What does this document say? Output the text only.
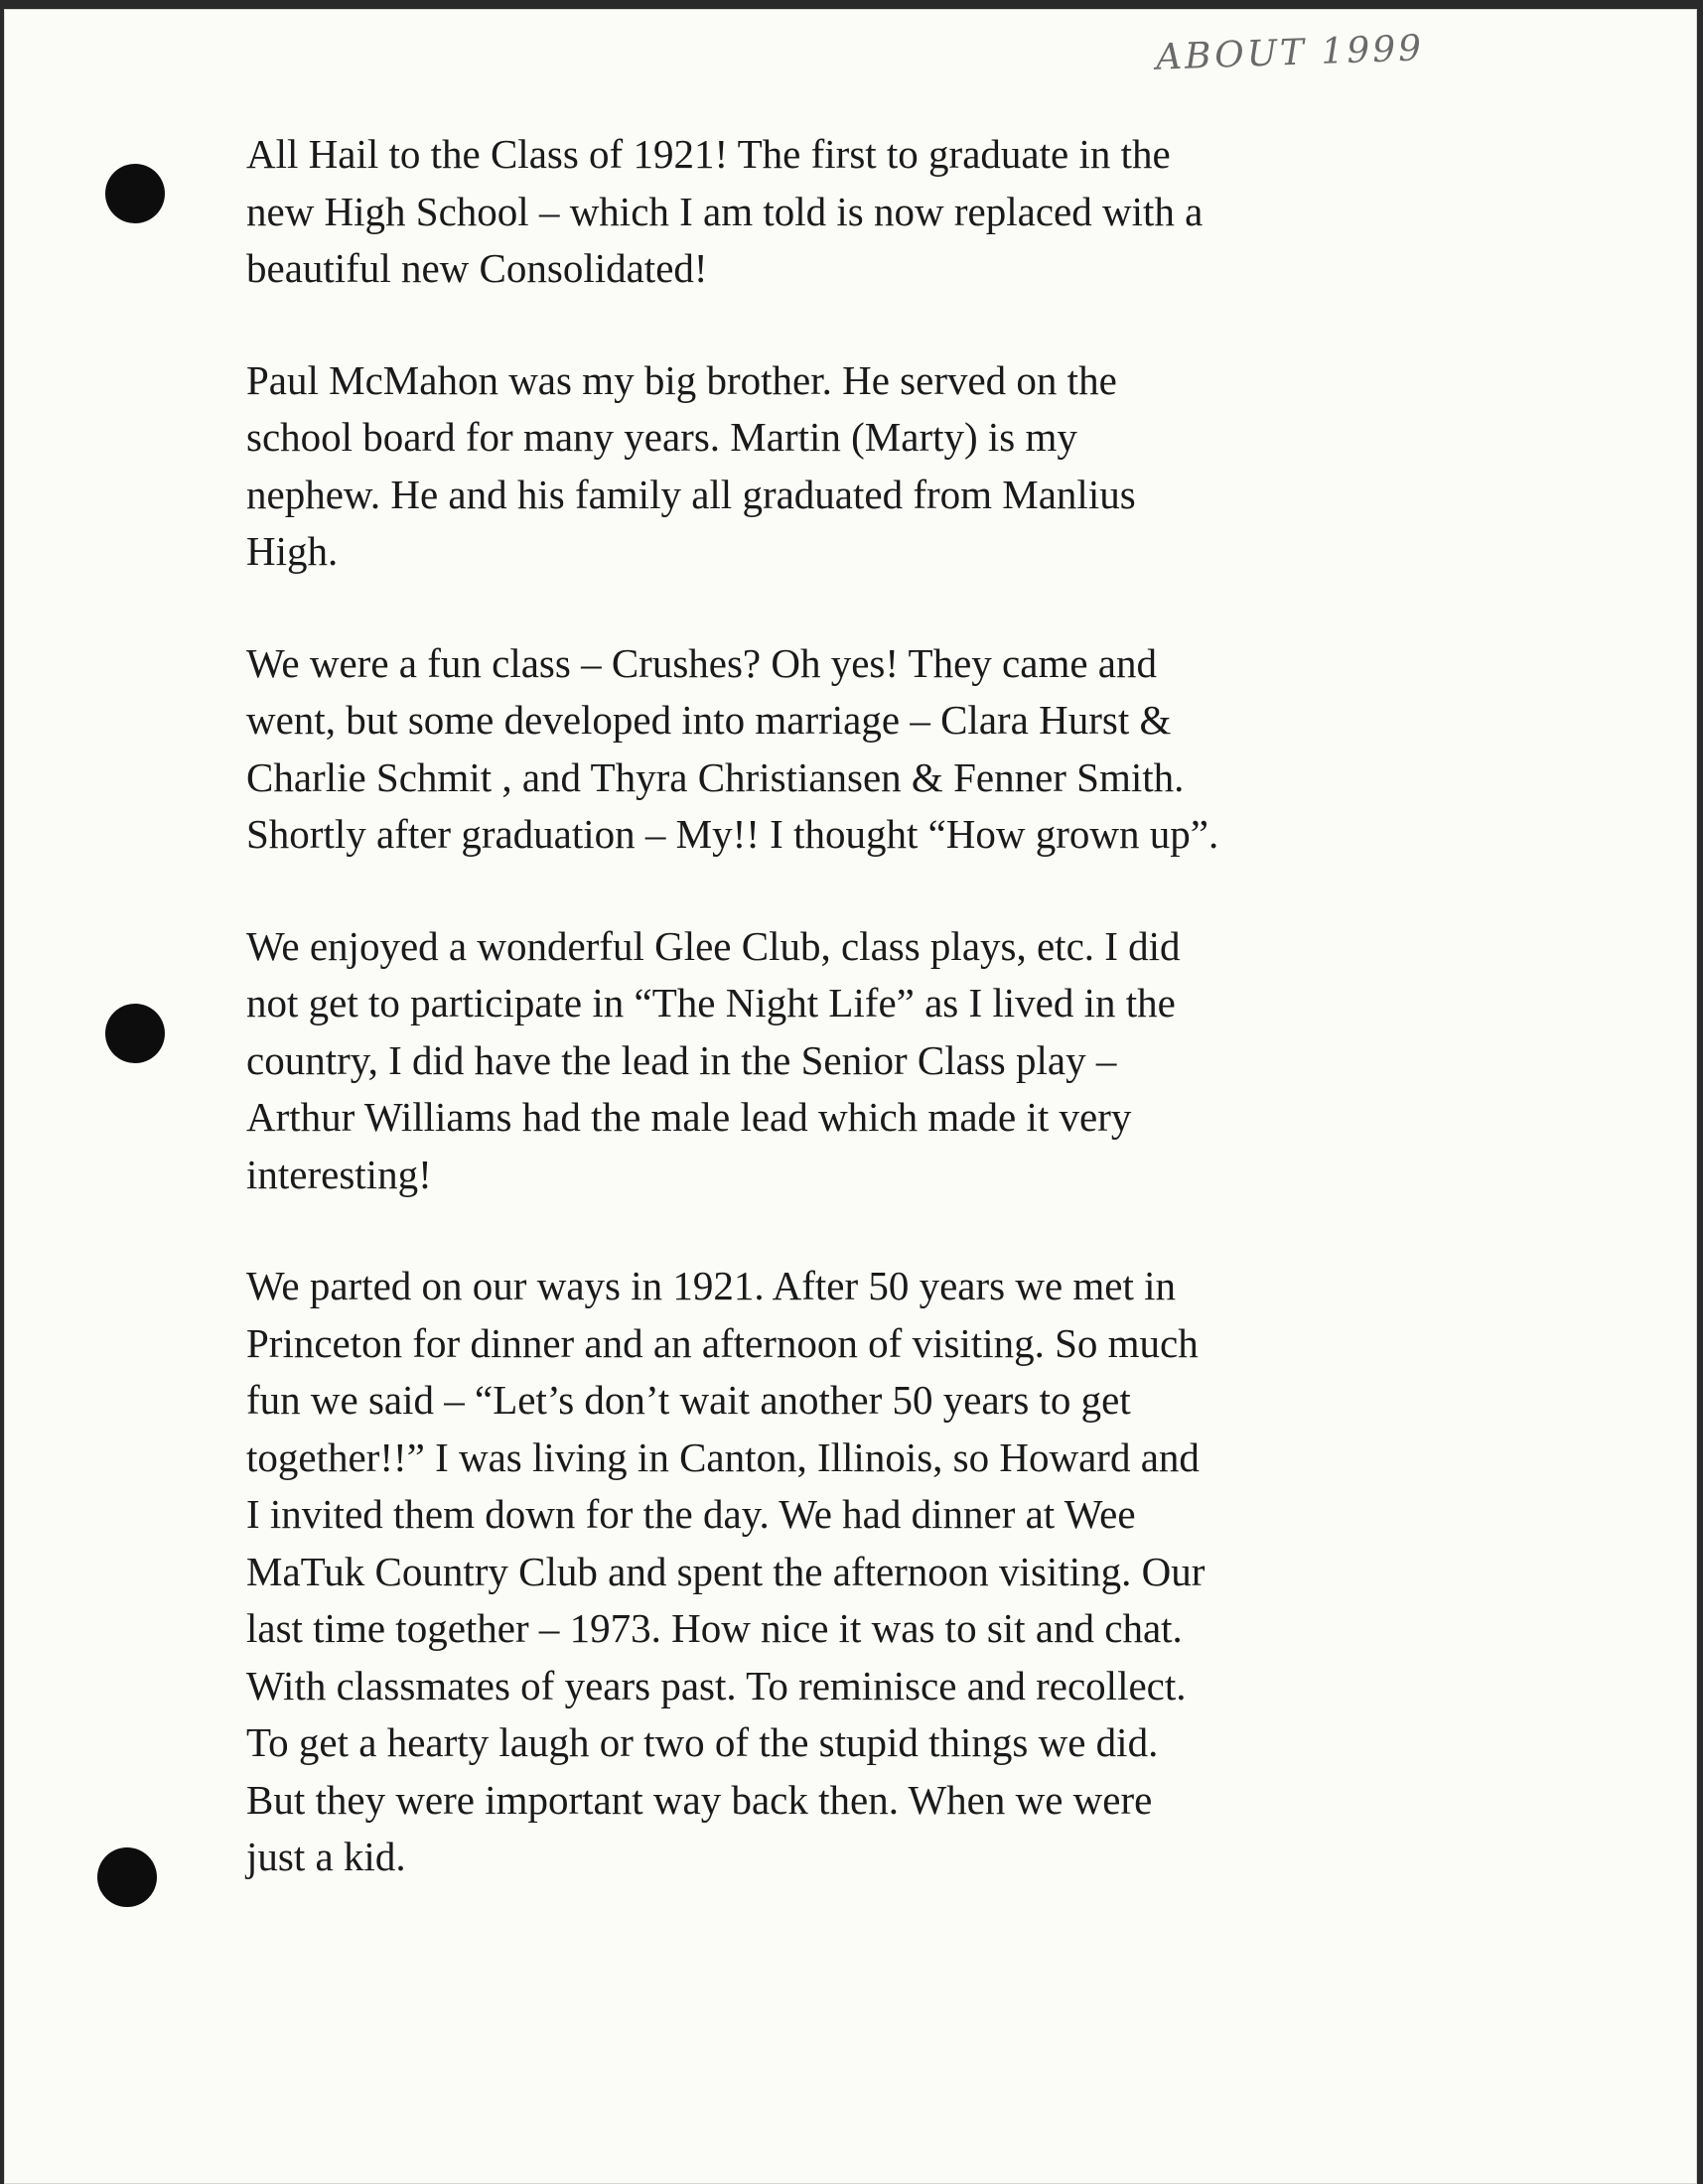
ABOUT 1999
All Hail to the Class of 1921! The first to graduate in the
new High School – which I am told is now replaced with a
beautiful new Consolidated!
Paul McMahon was my big brother. He served on the
school board for many years. Martin (Marty) is my
nephew. He and his family all graduated from Manlius
High.
We were a fun class – Crushes? Oh yes! They came and
went, but some developed into marriage – Clara Hurst &
Charlie Schmit , and Thyra Christiansen & Fenner Smith.
Shortly after graduation – My!! I thought “How grown up”.
We enjoyed a wonderful Glee Club, class plays, etc. I did
not get to participate in “The Night Life” as I lived in the
country, I did have the lead in the Senior Class play –
Arthur Williams had the male lead which made it very
interesting!
We parted on our ways in 1921. After 50 years we met in
Princeton for dinner and an afternoon of visiting. So much
fun we said – “Let’s don’t wait another 50 years to get
together!!” I was living in Canton, Illinois, so Howard and
I invited them down for the day. We had dinner at Wee
MaTuk Country Club and spent the afternoon visiting. Our
last time together – 1973. How nice it was to sit and chat.
With classmates of years past. To reminisce and recollect.
To get a hearty laugh or two of the stupid things we did.
But they were important way back then. When we were
just a kid.
